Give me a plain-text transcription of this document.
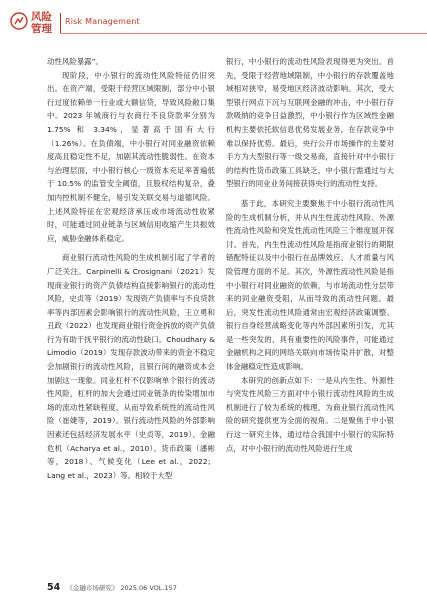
风险
管理
Risk Management

动性风险暴露”。

现阶段，中小银行的流动性风险特征仍旧突出。在资产端，受限于经营区域限制，部分中小银行过度依赖单一行业或大额信贷，导致风险敞口集中。2023 年城商行与农商行不良贷款率分别为 1.75% 和 3.34%，显著高于国有大行（1.26%）。在负债端，中小银行对同业融资依赖度高且稳定性不足，加剧其流动性脆弱性。在资本与治理层面，中小银行核心一级资本充足率普遍低于 10.5% 的监管安全阈值，且股权结构复杂，叠加内控机制不健全，易引发关联交易与道德风险。上述风险特征在宏观经济承压或市场流动性收紧时，可能通过同业链条与区域信用收缩产生共振效应，威胁金融体系稳定。

商业银行流动性风险的生成机制引起了学者的广泛关注。Carpinelli & Crosignani（2021）发现商业银行的资产负债结构直接影响银行的流动性风险，史贞等（2019）发现资产负债率与不良贷款率等内部因素会影响银行的流动性风险，王立勇和丑政（2022）也发现商业银行资金拆放的资产负债行为有助于抚平银行的流动性缺口。Choudhary & Limodio（2019）发现存款波动带来的资金不稳定会加剧银行的流动性风险，且银行间的融资成本会加剧这一现象。同业杠杆不仅影响单个银行的流动性风险，杠杆的加大会通过同业链条的传染增加市场的流动性紧缺程度，从而导致系统性的流动性风险（崔婕等，2019）。银行流动性风险的外部影响因素还包括经济发展水平（史贞等，2019）、金融危机（Acharya et al.，2010）、货币政策（潘彬等，2018）、气候变化（Lee et al.，2022；Lang et al.，2023）等。相较于大型

银行，中小银行的流动性风险表现得更为突出。首先，受限于经营地域限制，中小银行的存款覆盖地域相对狭窄，易受地区经济波动影响。其次，受大型银行网点下沉与互联网金融的冲击，中小银行存款吸纳的竞争日益激烈，中小银行作为区域性金融机构主要依托软信息优势发展业务，在存款竞争中难以保持优势。最后，央行公开市场操作的主要对手方为大型银行等一级交易商，直接针对中小银行的结构性货币政策工具缺乏，中小银行需通过与大型银行的同业业务间接获得央行的流动性支持。

基于此，本研究主要聚焦于中小银行流动性风险的生成机制分析，并从内生性流动性风险、外源性流动性风险和突发性流动性风险三个维度展开探讨。首先，内生性流动性风险是指商业银行的期限错配特征以及中小银行在品牌效应、人才质量与风险管理方面的不足。其次，外源性流动性风险是指中小银行对同业融资的依赖，与市场流动性分层带来的同业融资受阻，从而导致的流动性问题。最后，突发性流动性风险通常由宏观经济政策调整、银行自身经营战略变化等内外部因素所引发，尤其是一些突发的、具有重要性的风险事件，可能通过金融机构之间的网络关联向市场传染并扩散，对整体金融稳定性造成影响。

本研究的创新点如下：一是从内生性、外源性与突发性风险三方面对中小银行流动性风险的生成机制进行了较为系统的梳理，为商业银行流动性风险的研究提供更为全面的视角。二是聚焦于中小银行这一研究主体，通过结合我国中小银行的实际特点，对中小银行的流动性风险进行生成

54 《金融市场研究》 2025.06 VOL.157
